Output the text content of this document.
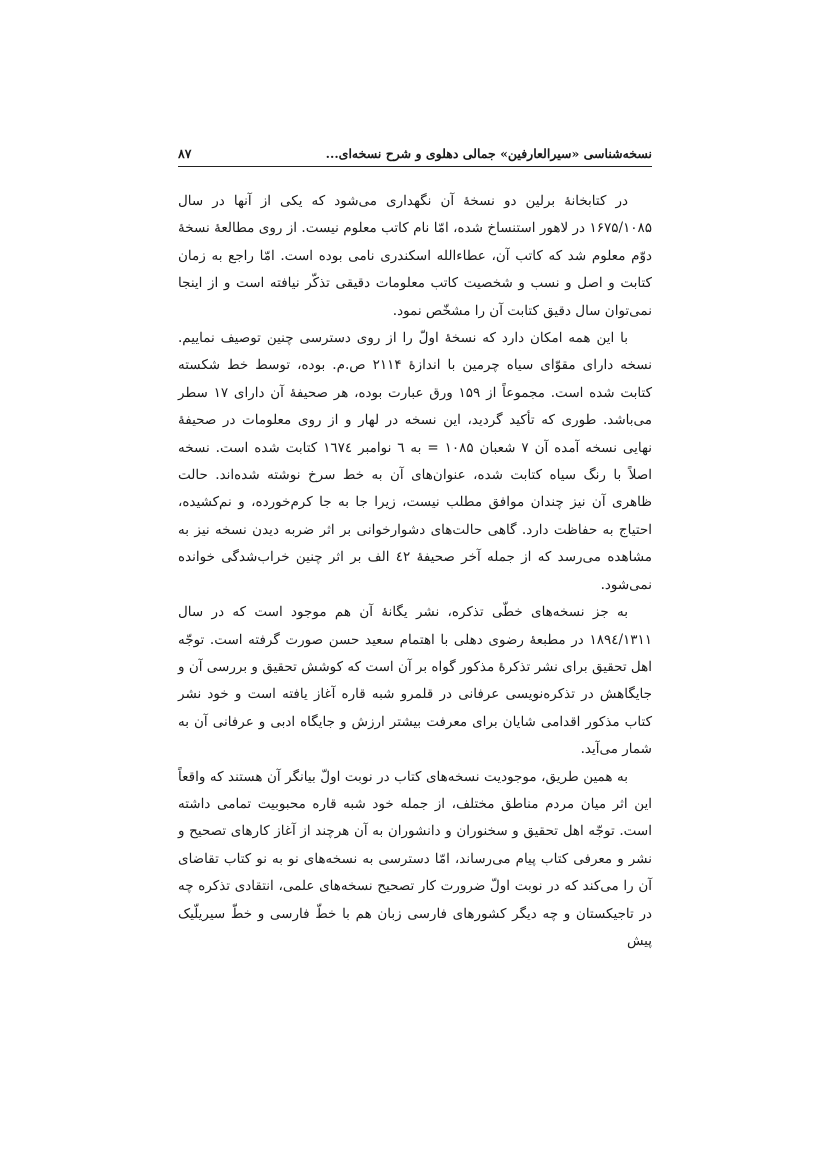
نسخه‌شناسی «سیرالعارفین» جمالی دهلوی و شرح نسخه‌ای...
۸۷

در کتابخانهٔ برلین دو نسخهٔ آن نگهداری می‌شود که یکی از آنها در سال ۱۶۷۵/۱۰۸۵ در لاهور استنساخ شده، امّا نام کاتب معلوم نیست. از روی مطالعهٔ نسخهٔ دوّم معلوم شد که کاتب آن، عطاءالله اسکندری نامی بوده است. امّا راجع به زمان کتابت و اصل و نسب و شخصیت کاتب معلومات دقیقی تذکّر نیافته است و از اینجا نمی‌توان سال دقیق کتابت آن را مشخّص نمود.

با این همه امکان دارد که نسخهٔ اولّ را از روی دسترسی چنین توصیف نماییم. نسخه دارای مقوّای سیاه چرمین با اندازهٔ ۲۱۱۴ ص.م. بوده، توسط خط شکسته کتابت شده است. مجموعاً از ۱۵۹ ورق عبارت بوده، هر صحیفهٔ آن دارای ۱۷ سطر می‌باشد. طوری که تأکید گردید، این نسخه در لهار و از روی معلومات در صحیفهٔ نهایی نسخه آمده آن ۷ شعبان ۱۰۸۵ = به ٦ نوامبر ۱٦۷٤ کتابت شده است. نسخه اصلاً با رنگ سیاه کتابت شده، عنوان‌های آن به خط سرخ نوشته شده‌اند. حالت ظاهری آن نیز چندان موافق مطلب نیست، زیرا جا به جا کرم‌خورده، و نم‌کشیده، احتیاج به حفاظت دارد. گاهی حالت‌های دشوارخوانی بر اثر ضربه دیدن نسخه نیز به مشاهده می‌رسد که از جمله آخر صحیفهٔ ٤۲ الف بر اثر چنین خراب‌شدگی خوانده نمی‌شود.

به جز نسخه‌های خطّی تذکره، نشر یگانهٔ آن هم موجود است که در سال ۱۸۹٤/۱۳۱۱ در مطبعهٔ رضوی دهلی با اهتمام سعید حسن صورت گرفته است. توجّه اهل تحقیق برای نشر تذکرهٔ مذکور گواه بر آن است که کوشش تحقیق و بررسی آن و جایگاهش در تذکره‌نویسی عرفانی در قلمرو شبه قاره آغاز یافته است و خود نشر کتاب مذکور اقدامی شایان برای معرفت بیشتر ارزش و جایگاه ادبی و عرفانی آن به شمار می‌آید.

به همین طریق، موجودیت نسخه‌های کتاب در نوبت اولّ بیانگر آن هستند که واقعاً این اثر میان مردم مناطق مختلف، از جمله خود شبه قاره محبوبیت تمامی داشته است. توجّه اهل تحقیق و سخنوران و دانشوران به آن هرچند از آغاز کارهای تصحیح و نشر و معرفی کتاب پیام می‌رساند، امّا دسترسی به نسخه‌های نو به نو کتاب تقاضای آن را می‌کند که در نوبت اولّ ضرورت کار تصحیح نسخه‌های علمی، انتقادی تذکره چه در تاجیکستان و چه دیگر کشورهای فارسی زبان هم با خطّ فارسی و خطّ سیریلّیک پیش
